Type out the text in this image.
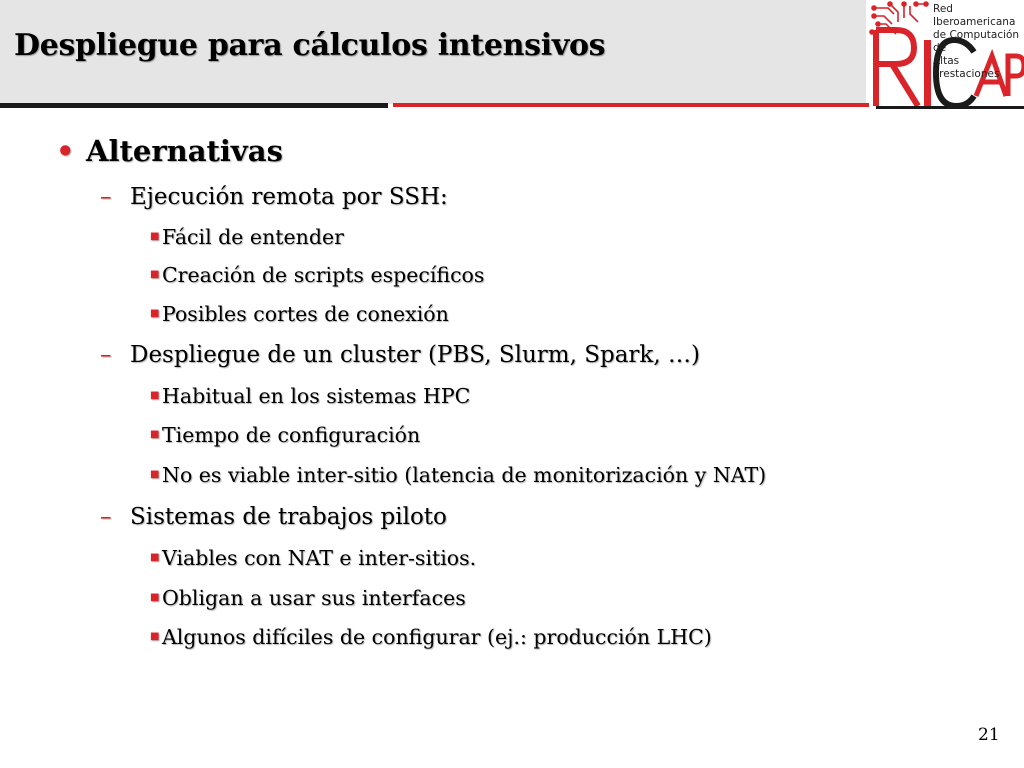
Despliegue para cálculos intensivos
Red Iberoamericana
de Computación de
Altas Prestaciones
• Alternativas
– Ejecución remota por SSH:
■ Fácil de entender
■ Creación de scripts específicos
■ Posibles cortes de conexión
– Despliegue de un cluster (PBS, Slurm, Spark, …)
■ Habitual en los sistemas HPC
■ Tiempo de configuración
■ No es viable inter-sitio (latencia de monitorización y NAT)
– Sistemas de trabajos piloto
■ Viables con NAT e inter-sitios.
■ Obligan a usar sus interfaces
■ Algunos difíciles de configurar (ej.: producción LHC)
21
